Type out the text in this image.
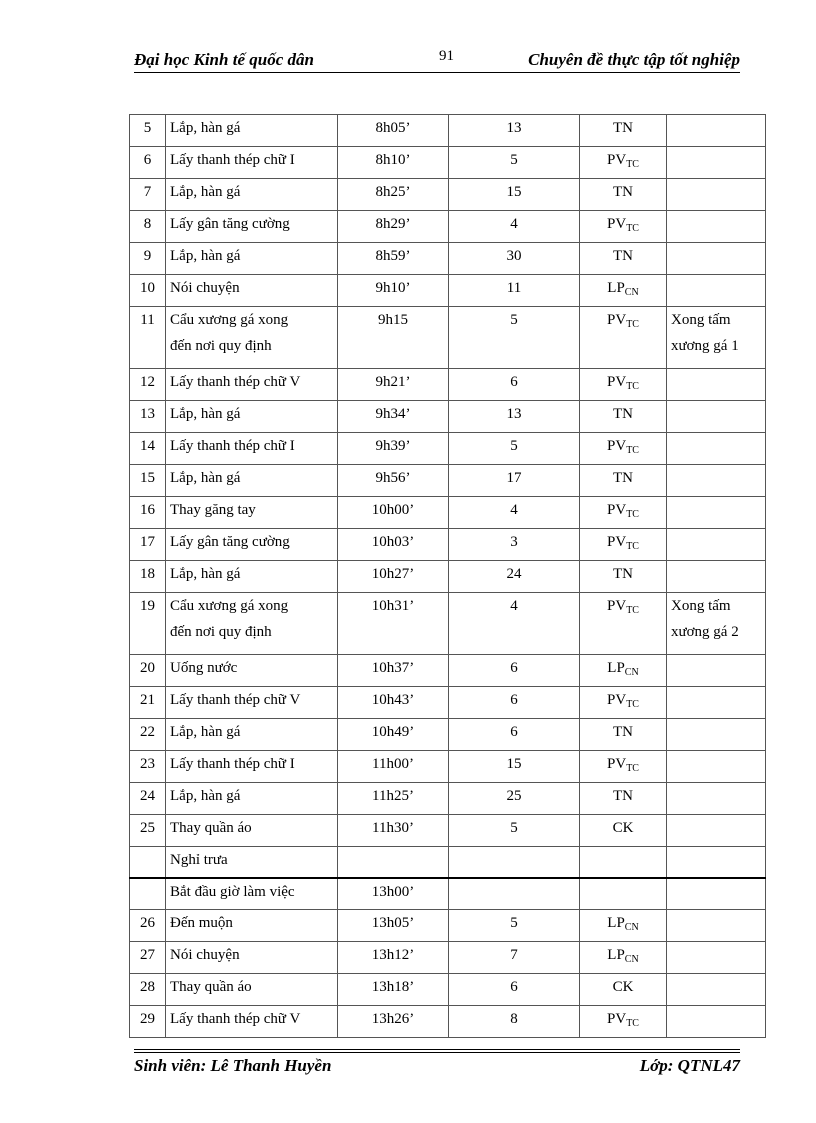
Đại học Kinh tế quốc dân	91	Chuyên đề thực tập tốt nghiệp
5	Lắp, hàn gá	8h05’	13	TN	

6	Lấy thanh thép chữ I	8h10’	5	$PV_{TC}$	

7	Lắp, hàn gá	8h25’	15	TN	

8	Lấy gân tăng cường	8h29’	4	$PV_{TC}$	

9	Lắp, hàn gá	8h59’	30	TN	

10	Nói chuyện	9h10’	11	$LP_{CN}$	

11	Cẩu xương gá xong
đến nơi quy định	9h15	5	$PV_{TC}$	Xong tấm
xương gá 1

12	Lấy thanh thép chữ V	9h21’	6	$PV_{TC}$	

13	Lắp, hàn gá	9h34’	13	TN	

14	Lấy thanh thép chữ I	9h39’	5	$PV_{TC}$	

15	Lắp, hàn gá	9h56’	17	TN	

16	Thay găng tay	10h00’	4	$PV_{TC}$	

17	Lấy gân tăng cường	10h03’	3	$PV_{TC}$	

18	Lắp, hàn gá	10h27’	24	TN	

19	Cẩu xương gá xong
đến nơi quy định	10h31’	4	$PV_{TC}$	Xong tấm
xương gá 2

20	Uống nước	10h37’	6	$LP_{CN}$	

21	Lấy thanh thép chữ V	10h43’	6	$PV_{TC}$	

22	Lắp, hàn gá	10h49’	6	TN	

23	Lấy thanh thép chữ I	11h00’	15	$PV_{TC}$	

24	Lắp, hàn gá	11h25’	25	TN	

25	Thay quần áo	11h30’	5	CK	

	Nghỉ trưa				

	Bắt đầu giờ làm việc	13h00’			

26	Đến muộn	13h05’	5	$LP_{CN}$	

27	Nói chuyện	13h12’	7	$LP_{CN}$	

28	Thay quần áo	13h18’	6	CK	

29	Lấy thanh thép chữ V	13h26’	8	$PV_{TC}$	
Sinh viên: Lê Thanh Huyền	Lớp: QTNL47
